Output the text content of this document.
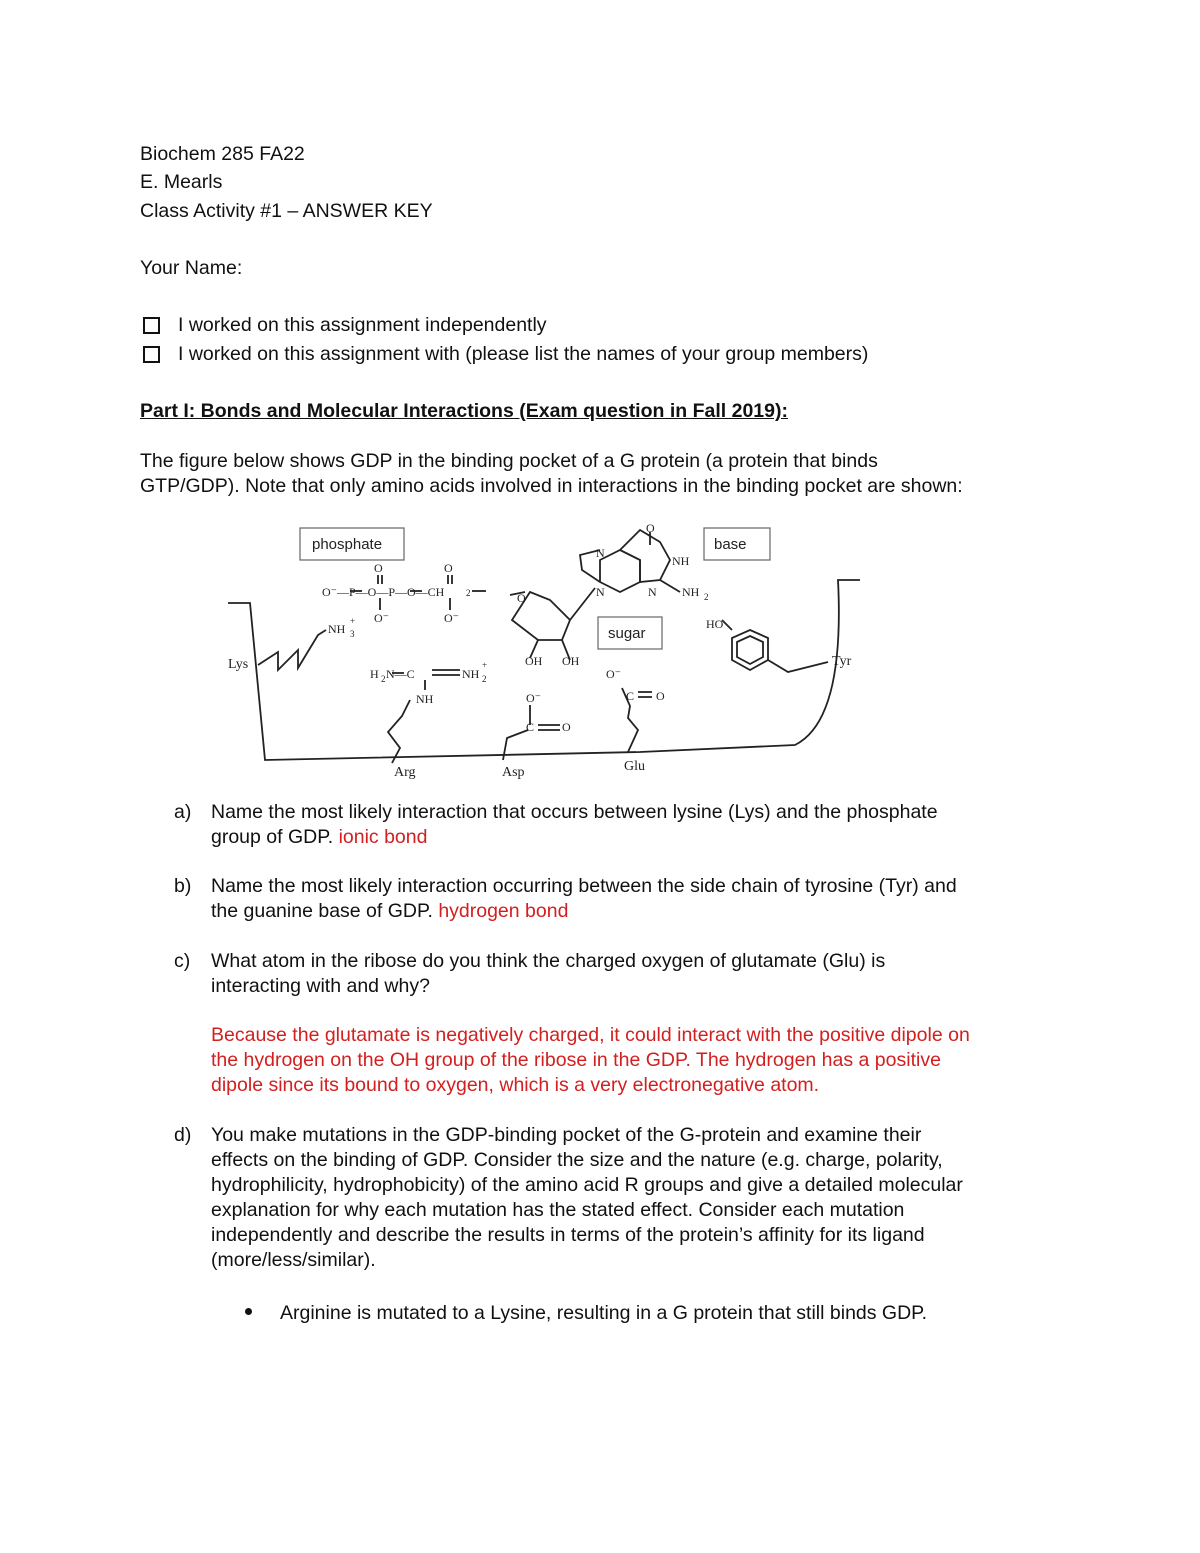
Biochem 285 FA22
E. Mearls
Class Activity #1 – ANSWER KEY
Your Name:
I worked on this assignment independently
I worked on this assignment with (please list the names of your group members)
Part I: Bonds and Molecular Interactions (Exam question in Fall 2019):
The figure below shows GDP in the binding pocket of a G protein (a protein that binds
GTP/GDP). Note that only amino acids involved in interactions in the binding pocket are shown:
phosphate	base
sugar
Lys	Tyr
Arg	Asp	Glu
NH 3
+
O⁻—P—O—P—O—CH 2
O	O
O⁻	O⁻
O
OH OH
N
O
NH
N	N NH 2
HO
H 2 N—C	NH 2
+
NH	O⁻
C O
O⁻
C O
a)	Name the most likely interaction that occurs between lysine (Lys) and the phosphate
group of GDP. ionic bond
b)	Name the most likely interaction occurring between the side chain of tyrosine (Tyr) and
the guanine base of GDP. hydrogen bond
c)	What atom in the ribose do you think the charged oxygen of glutamate (Glu) is
interacting with and why?
Because the glutamate is negatively charged, it could interact with the positive dipole on
the hydrogen on the OH group of the ribose in the GDP. The hydrogen has a positive
dipole since its bound to oxygen, which is a very electronegative atom.
d)	You make mutations in the GDP-binding pocket of the G-protein and examine their
effects on the binding of GDP. Consider the size and the nature (e.g. charge, polarity,
hydrophilicity, hydrophobicity) of the amino acid R groups and give a detailed molecular
explanation for why each mutation has the stated effect. Consider each mutation
independently and describe the results in terms of the protein’s affinity for its ligand
(more/less/similar).
Arginine is mutated to a Lysine, resulting in a G protein that still binds GDP.
